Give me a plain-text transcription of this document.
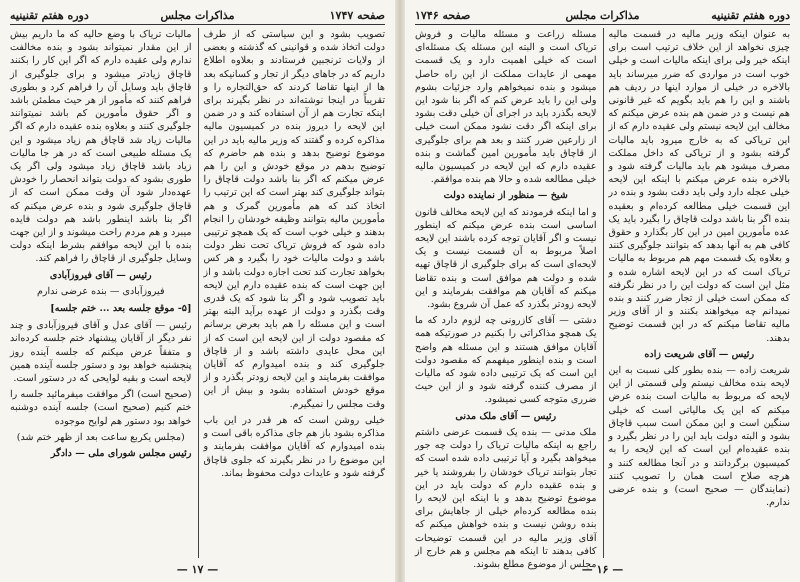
صفحه ۱۷۴۷
مذاکرات مجلس
دوره هفتم تقنینیه

تصویب بشود و این سیاستی که از طرف دولت اتخاذ شده و قوانینی که گذشته و بعضی از ولایات ترنجبین فرستادند و بعلاوه اطلاع داریم که در جاهای دیگر از تجار و کسانیکه بعد ها از اینها تقاضا کردند که حق‌التجاره را و تقریباً در اینجا نوشته‌اند در نظر بگیرند برای اینکه تجارت هم از آن استفاده کند و در ضمن این لایحه را دیروز بنده در کمیسیون مالیه مذاکره کرده و گفتند که وزیر مالیه باید در این موضوع توضیح بدهد و بنده هم حاضرم که توضیح بدهم در موقع خودش و این را هم عرض میکنم که اگر بنا باشد دولت قاچاق را بتواند جلوگیری کند بهتر است که این ترتیب را اتخاذ کند که هم مأمورین گمرک و هم مأمورین مالیه بتوانند وظیفه خودشان را انجام بدهند و خیلی خوب است که یک همچو ترتیبی داده شود که فروش تریاک تحت نظر دولت باشد و دولت مالیات خود را بگیرد و هر کس بخواهد تجارت کند تحت اجازه دولت باشد و از این جهت است که بنده عقیده دارم این لایحه باید تصویب شود و اگر بنا شود که یک قدری وقت بگذرد و دولت از عهده برآید البته بهتر است و این مسئله را هم باید بعرض برسانم که مقصود دولت از این لایحه این است که از این محل عایدی داشته باشد و از قاچاق جلوگیری کند و بنده امیدوارم که آقایان موافقت بفرمایند و این لایحه زودتر بگذرد و از موقع خودش استفاده بشود و بیش از این وقت مجلس را نمیگیرم.

خیلی روشن است که هر قدر در این باب مذاکره بشود باز هم جای مذاکره باقی است و بنده امیدوارم که آقایان موافقت بفرمایند و این موضوع را در نظر بگیرند که جلوی قاچاق گرفته شود و عایدات دولت محفوظ بماند.

مالیات تریاک با وضع حالیه که ما داریم بیش از این مقدار نمیتواند بشود و بنده مخالفت ندارم ولی عقیده دارم که اگر این کار را بکنند قاچاق زیادتر میشود و برای جلوگیری از قاچاق باید وسایل آن را فراهم کرد و بطوری فراهم کنند که مأمور از هر حیث مطمئن باشد و اگر حقوق مأمورین کم باشد نمیتوانند جلوگیری کنند و بعلاوه بنده عقیده دارم که اگر مالیات زیاد شد قاچاق هم زیاد میشود و این یک مسئله طبیعی است که در هر جا مالیات زیاد باشد قاچاق زیاد میشود ولی اگر یک طوری بشود که دولت بتواند انحصار را خودش عهده‌دار شود آن وقت ممکن است که از قاچاق جلوگیری شود و بنده عرض میکنم که اگر بنا باشد اینطور باشد هم دولت فایده میبرد و هم مردم راحت میشوند و از این جهت بنده با این لایحه موافقم بشرط اینکه دولت وسایل جلوگیری از قاچاق را فراهم کند.

رئیس — آقای فیروزآبادی

فیروزآبادی — بنده عرضی ندارم

[۵- موقع جلسه بعد ... ختم جلسه]

رئیس — آقای عدل و آقای فیروزآبادی و چند نفر دیگر از آقایان پیشنهاد ختم جلسه کرده‌اند و متفقاً عرض میکنم که جلسه آینده روز پنجشنبه خواهد بود و دستور جلسه آینده همین لایحه است و بقیه لوایحی که در دستور است.

(صحیح است) اگر موافقت میفرمائید جلسه را ختم کنیم (صحیح است) جلسه آینده دوشنبه خواهد بود دستور هم لوایح موجوده

(مجلس یکربع ساعت بعد از ظهر ختم شد)

رئیس مجلس شورای ملی — دادگر

— ۱۷ —
دوره هفتم تقنینیه
مذاکرات مجلس
صفحه ۱۷۴۶

به عنوان اینکه وزیر مالیه در قسمت مالیه چیزی نخواهد از این خلاف ترتیب است برای اینکه خیر ولی برای اینکه مالیات است و خیلی خوب است در مواردی که ضرر میرساند باید بالاخره در خیلی از موارد اینها در ردیف هم باشند و این را هم باید بگویم که غیر قانونی هم نیست و در ضمن هم بنده عرض میکنم که مخالف این لایحه نیستم ولی عقیده دارم که از این تریاکی که به خارج میرود باید مالیات گرفته بشود و از تریاکی که داخل مملکت مصرف میشود هم باید مالیات گرفته شود و بالاخره بنده عرض میکنم با اینکه این لایحه خیلی عجله دارد ولی باید دقت بشود و بنده در این قسمت خیلی مطالعه کرده‌ام و بعقیده بنده اگر بنا باشد دولت قاچاق را بگیرد باید یک عده مأمورین امین در این کار بگذارد و حقوق کافی هم به آنها بدهد که بتوانند جلوگیری کنند و بعلاوه یک قسمت مهم هم مربوط به مالیات تریاک است که در این لایحه اشاره شده و مثل این است که دولت این را در نظر نگرفته که ممکن است خیلی از تجار ضرر کنند و بنده نمیدانم چه میخواهند بکنند و از آقای وزیر مالیه تقاضا میکنم که در این قسمت توضیح بدهند.

رئیس — آقای شریعت زاده

شریعت زاده — بنده بطور کلی نسبت به این لایحه بنده مخالف نیستم ولی قسمتی از این لایحه که مربوط به مالیات است بنده عرض میکنم که این یک مالیاتی است که خیلی سنگین است و این ممکن است سبب قاچاق بشود و البته دولت باید این را در نظر بگیرد و بنده عقیده‌ام این است که این لایحه را به کمیسیون برگردانند و در آنجا مطالعه کنند و هرچه صلاح است همان را تصویب کنند (نمایندگان — صحیح است) و بنده عرضی ندارم.

مسئله زراعت و مسئله مالیات و فروش تریاک است و البته این مسئله یک مسئله‌ای است که خیلی اهمیت دارد و یک قسمت مهمی از عایدات مملکت از این راه حاصل میشود و بنده نمیخواهم وارد جزئیات بشوم ولی این را باید عرض کنم که اگر بنا شود این لایحه بگذرد باید در اجرای آن خیلی دقت بشود برای اینکه اگر دقت نشود ممکن است خیلی از زارعین ضرر کنند و بعد هم برای جلوگیری از قاچاق باید مأمورین امین گماشت و بنده عقیده دارم که این لایحه در کمیسیون مالیه خیلی مطالعه شده و حالا هم بنده موافقم.

شیخ — منظور از نماینده دولت

و اما اینکه فرمودند که این لایحه مخالف قانون اساسی است بنده عرض میکنم که اینطور نیست و اگر آقایان توجه کرده باشند این لایحه اصلاً مربوط به آن قسمت نیست و یک لایحه‌ای است که برای جلوگیری از قاچاق تهیه شده و دولت هم موافق است و بنده تقاضا میکنم که آقایان هم موافقت بفرمایند و این لایحه زودتر بگذرد که عمل آن شروع بشود.

دشتی — آقای کازرونی چه لزوم دارد که ما یک همچو مذاکراتی را بکنیم در صورتیکه همه آقایان موافق هستند و این مسئله هم واضح است و بنده اینطور میفهمم که مقصود دولت این است که یک ترتیبی داده شود که مالیات از مصرف کننده گرفته شود و از این حیث ضرری متوجه کسی نمیشود.

رئیس — آقای ملک مدنی

ملک مدنی — بنده یک قسمت عرضی داشتم راجع به اینکه مالیات تریاک را دولت چه جور میخواهد بگیرد و آیا ترتیبی داده شده است که تجار بتوانند تریاک خودشان را بفروشند یا خیر و بنده عقیده دارم که دولت باید در این موضوع توضیح بدهد و با اینکه این لایحه را بنده مطالعه کرده‌ام خیلی از جاهایش برای بنده روشن نیست و بنده خواهش میکنم که آقای وزیر مالیه در این قسمت توضیحات کافی بدهند تا اینکه هم مجلس و هم خارج از مجلس از موضوع مطلع بشوند.

— ۱۶ —
